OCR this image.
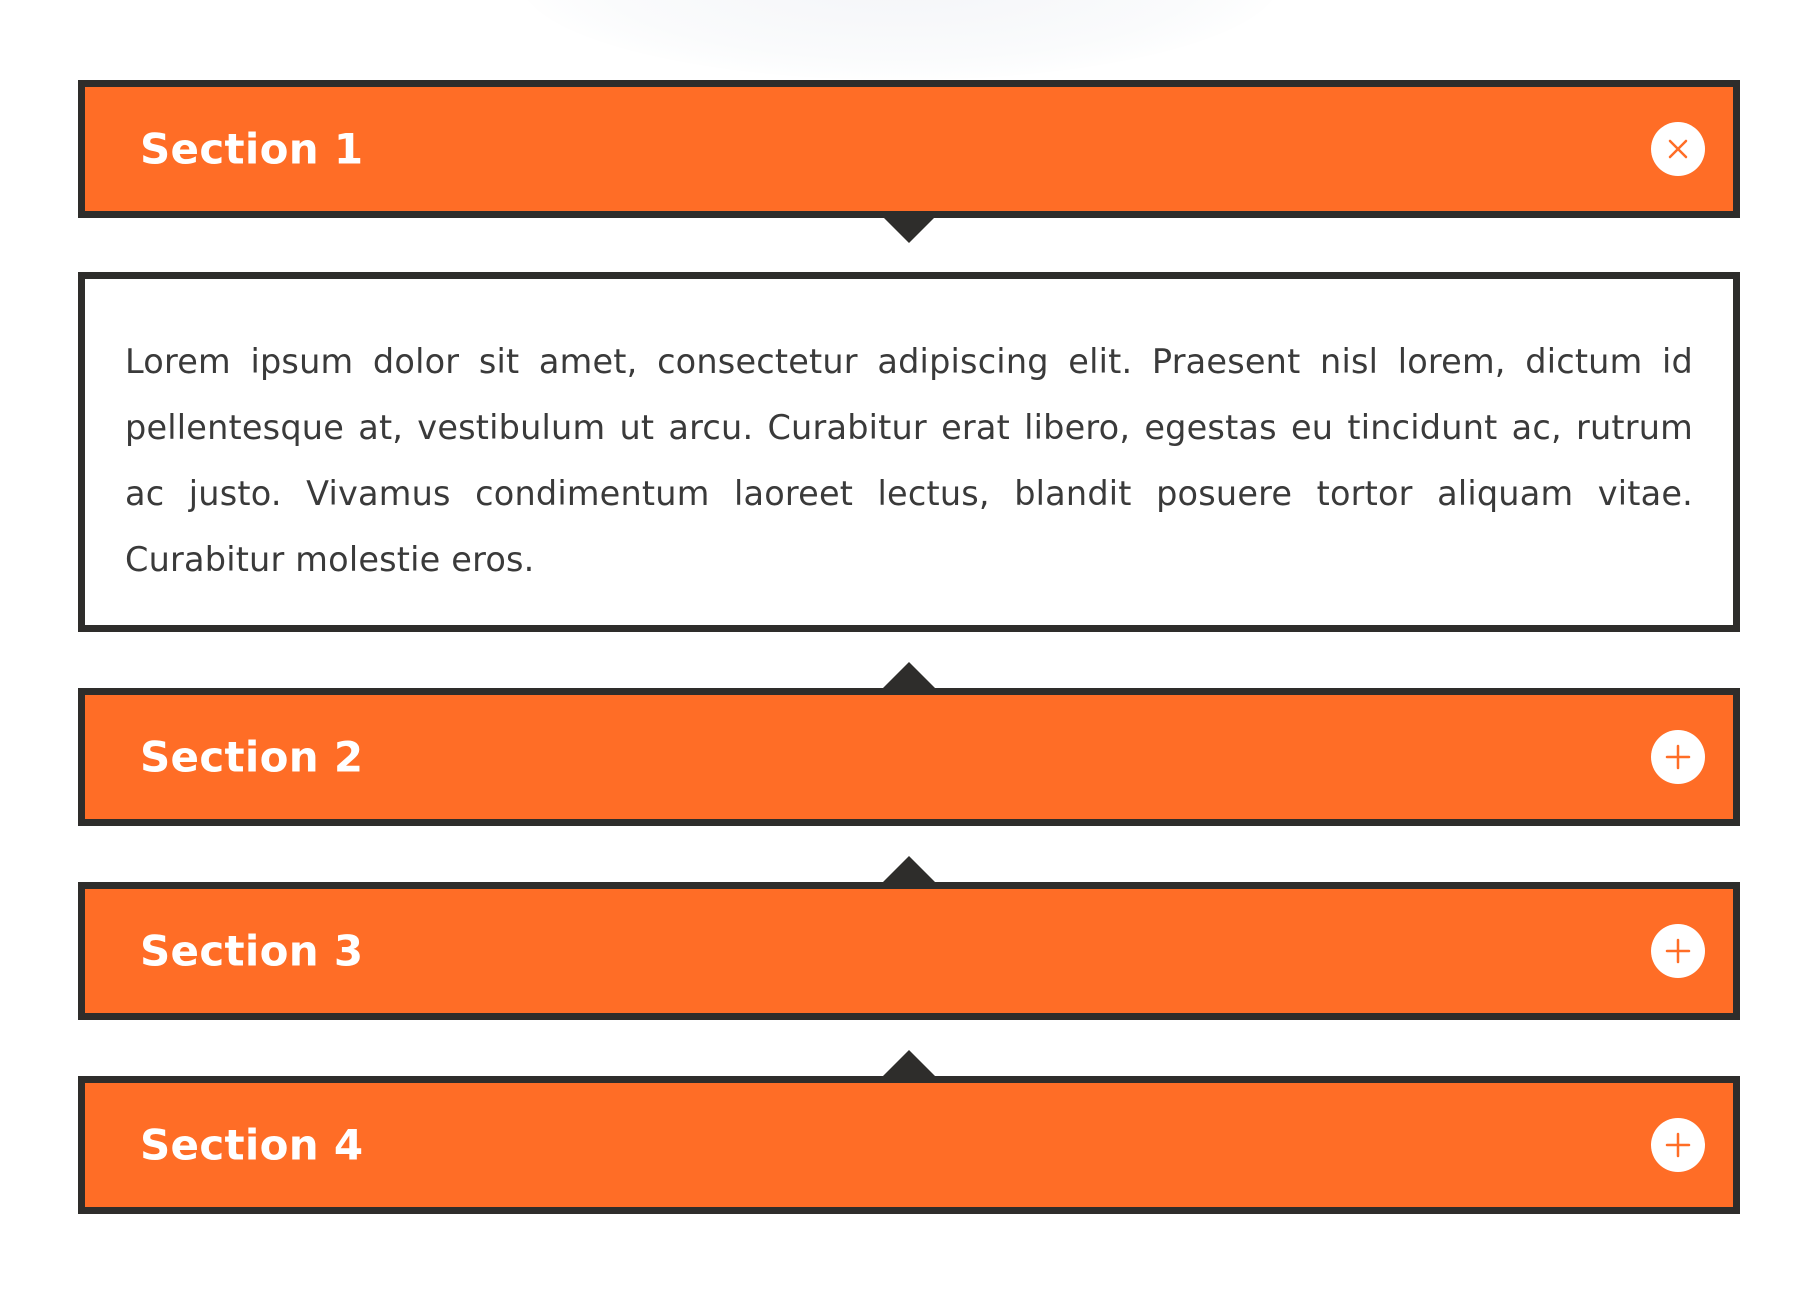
Section 1

Lorem ipsum dolor sit amet, consectetur adipiscing elit. Praesent nisl lorem, dictum id pellentesque at, vestibulum ut arcu. Curabitur erat libero, egestas eu tincidunt ac, rutrum ac justo. Vivamus condimentum laoreet lectus, blandit posuere tortor aliquam vitae. Curabitur molestie eros.

Section 2
Section 3
Section 4
